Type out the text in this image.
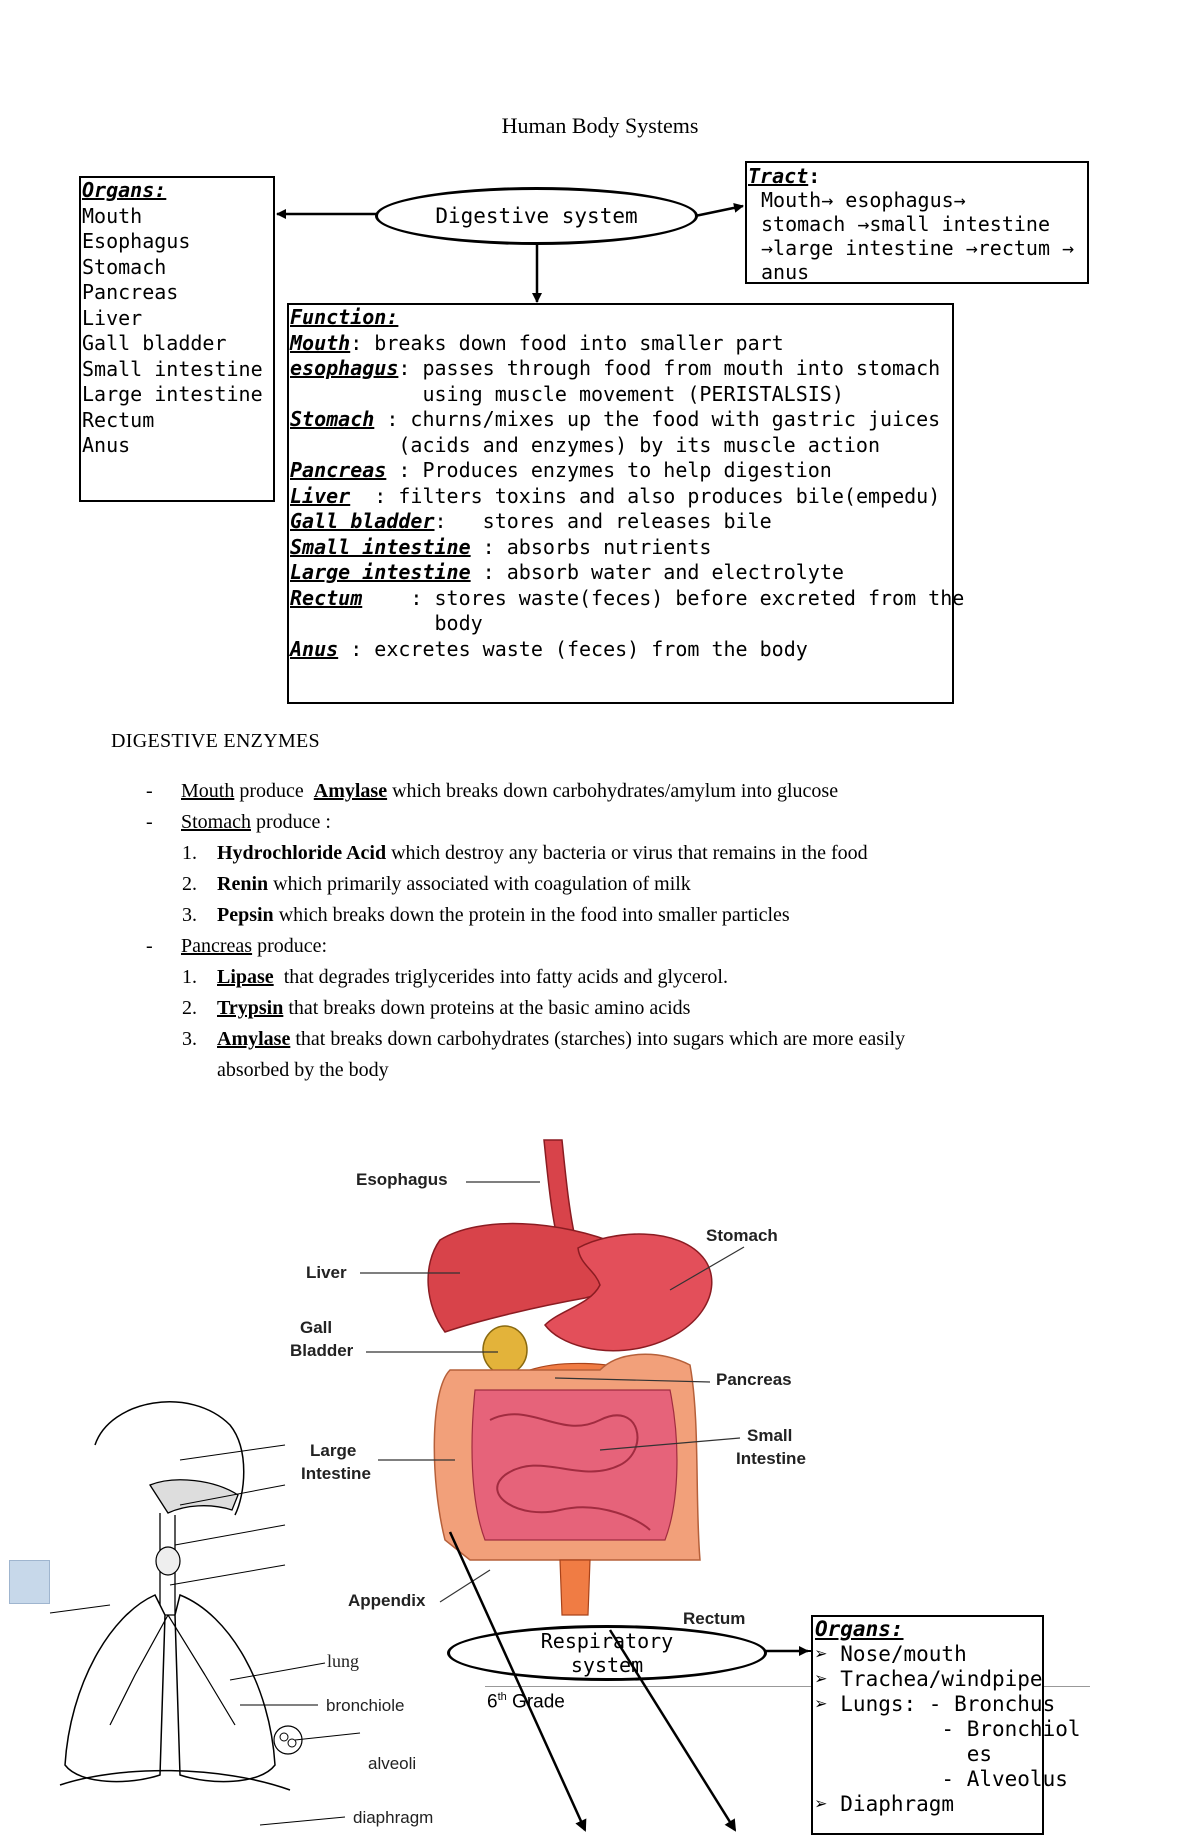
Human Body Systems
Organs:
Mouth
Esophagus
Stomach
Pancreas
Liver
Gall bladder
Small intestine
Large intestine
Rectum
Anus
Digestive system
Tract:
Mouth→ esophagus→
stomach →small intestine
→large intestine →rectum →
anus
Function:
Mouth: breaks down food into smaller part
esophagus: passes through food from mouth into stomach
using muscle movement (PERISTALSIS)
Stomach : churns/mixes up the food with gastric juices
(acids and enzymes) by its muscle action
Pancreas : Produces enzymes to help digestion
Liver  : filters toxins and also produces bile(empedu)
Gall bladder:   stores and releases bile
Small intestine : absorbs nutrients
Large intestine : absorb water and electrolyte
Rectum    : stores waste(feces) before excreted from the
body
Anus : excretes waste (feces) from the body
DIGESTIVE ENZYMES
- Mouth produce  Amylase which breaks down carbohydrates/amylum into glucose
- Stomach produce :
1. Hydrochloride Acid which destroy any bacteria or virus that remains in the food
2. Renin which primarily associated with coagulation of milk
3. Pepsin which breaks down the protein in the food into smaller particles
- Pancreas produce:
1. Lipase  that degrades triglycerides into fatty acids and glycerol.
2. Trypsin that breaks down proteins at the basic amino acids
3. Amylase that breaks down carbohydrates (starches) into sugars which are more easily
absorbed by the body
Esophagus
Stomach
Liver
Gall
Bladder
Pancreas
Large
Intestine
Small
Intestine
Appendix
Rectum
lung
bronchiole
alveoli
diaphragm
6th Grade
Respiratory
system
Organs:
➢ Nose/mouth
➢ Trachea/windpipe
➢ Lungs: - Bronchus
- Bronchiol
es
- Alveolus
➢ Diaphragm
